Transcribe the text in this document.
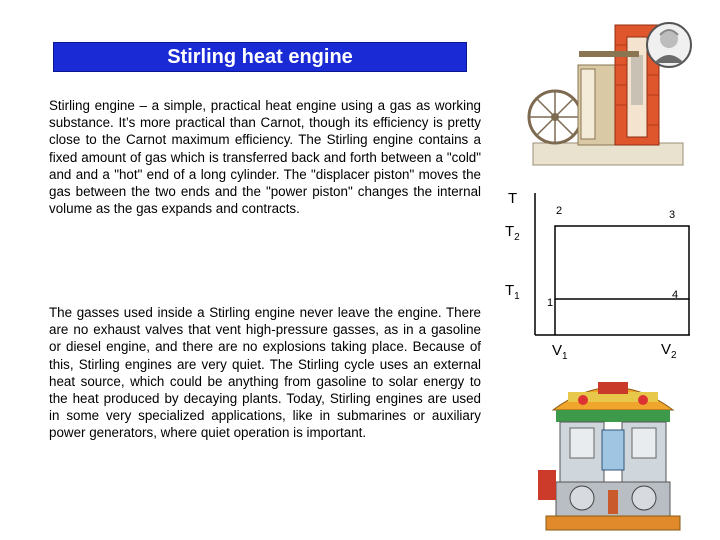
Stirling heat engine

Stirling engine – a simple, practical heat engine using a gas as working substance. It’s more practical than Carnot, though its efficiency is pretty close to the Carnot maximum efficiency. The Stirling engine contains a fixed amount of gas which is transferred back and forth between a "cold" and and a "hot" end of a long cylinder. The "displacer piston" moves the gas between the two ends and the "power piston" changes the internal volume as the gas expands and contracts.

The gasses used inside a Stirling engine never leave the engine. There are no exhaust valves that vent high-pressure gasses, as in a gasoline or diesel engine, and there are no explosions taking place. Because of this, Stirling engines are very quiet. The Stirling cycle uses an external heat source, which could be anything from gasoline to solar energy to the heat produced by decaying plants. Today, Stirling engines are used in some very specialized applications, like in submarines or auxiliary power generators, where quiet operation is important.

T
$T_2$
$T_1$
$V_1$	$V_2$
1
2	3
4
